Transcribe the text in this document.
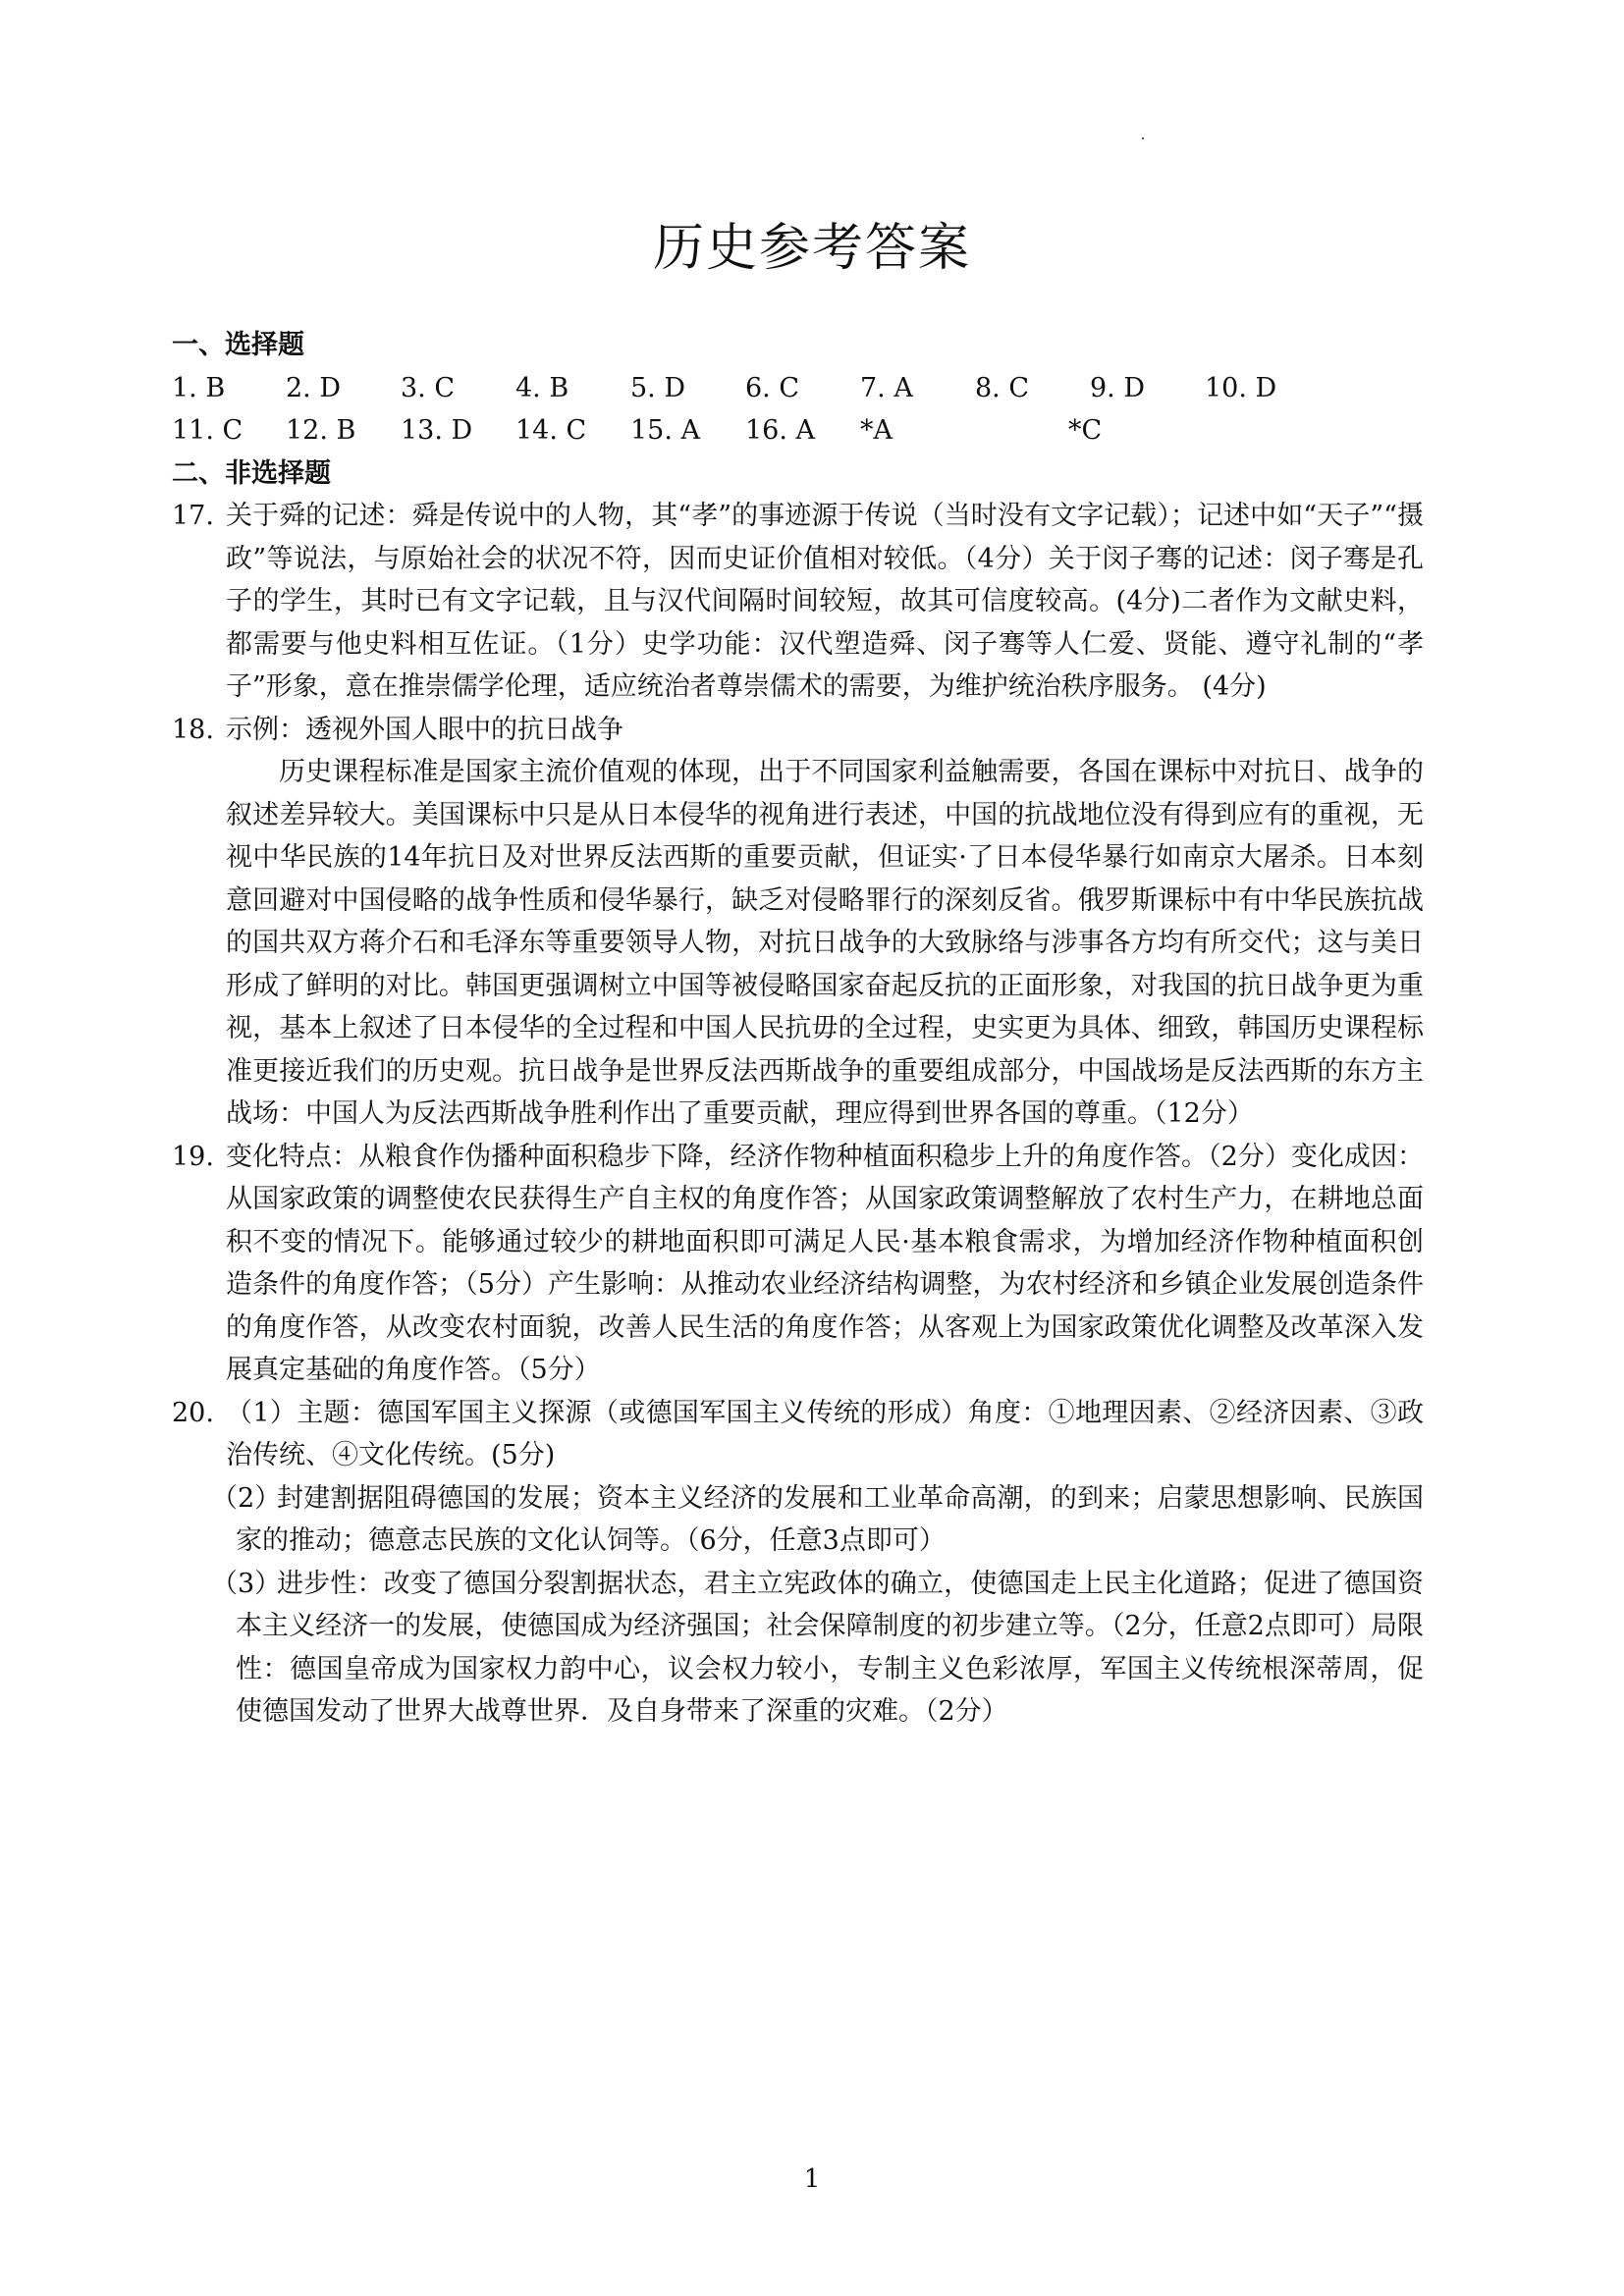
历史参考答案
一、选择题
1. B 2. D 3. C 4. B 5. D 6. C 7. A 8. C 9. D 10. D
11. C 12. B 13. D 14. C 15. A 16. A *A	*C
二、非选择题
17. 关于舜的记述：舜是传说中的人物，其“孝”的事迹源于传说（当时没有文字记载）；记述中如“天子”“摄政”等说法，与原始社会的状况不符，因而史证价值相对较低。（4分）关于闵子骞的记述：闵子骞是孔子的学生，其时已有文字记载，且与汉代间隔时间较短，故其可信度较高。(4分)二者作为文献史料，都需要与他史料相互佐证。（1分）史学功能：汉代塑造舜、闵子骞等人仁爱、贤能、遵守礼制的“孝子”形象，意在推崇儒学伦理，适应统治者尊崇儒术的需要，为维护统治秩序服务。 (4分)

18. 示例：透视外国人眼中的抗日战争

历史课程标准是国家主流价值观的体现，出于不同国家利益触需要，各国在课标中对抗日、战争的叙述差异较大。美国课标中只是从日本侵华的视角进行表述，中国的抗战地位没有得到应有的重视，无视中华民族的14年抗日及对世界反法西斯的重要贡献，但证实·了日本侵华暴行如南京大屠杀。日本刻意回避对中国侵略的战争性质和侵华暴行，缺乏对侵略罪行的深刻反省。俄罗斯课标中有中华民族抗战的国共双方蒋介石和毛泽东等重要领导人物，对抗日战争的大致脉络与涉事各方均有所交代；这与美日形成了鲜明的对比。韩国更强调树立中国等被侵略国家奋起反抗的正面形象，对我国的抗日战争更为重视，基本上叙述了日本侵华的全过程和中国人民抗毋的全过程，史实更为具体、细致，韩国历史课程标准更接近我们的历史观。抗日战争是世界反法西斯战争的重要组成部分，中国战场是反法西斯的东方主战场：中国人为反法西斯战争胜利作出了重要贡献，理应得到世界各国的尊重。（12分）

19. 变化特点：从粮食作伪播种面积稳步下降，经济作物种植面积稳步上升的角度作答。（2分）变化成因：从国家政策的调整使农民获得生产自主权的角度作答；从国家政策调整解放了农村生产力，在耕地总面积不变的情况下。能够通过较少的耕地面积即可满足人民·基本粮食需求，为增加经济作物种植面积创造条件的角度作答；（5分）产生影响：从推动农业经济结构调整，为农村经济和乡镇企业发展创造条件的角度作答，从改变农村面貌，改善人民生活的角度作答；从客观上为国家政策优化调整及改革深入发展真定基础的角度作答。（5分）

20. （1）主题：德国军国主义探源（或德国军国主义传统的形成）角度：①地理因素、②经济因素、③政治传统、④文化传统。(5分)

（2）

封建割据阻碍德国的发展；资本主义经济的发展和工业革命高潮，的到来；启蒙思想影响、民族国家的推动；德意志民族的文化认饲等。（6分，任意3点即可）

（3）

进步性：改变了德国分裂割据状态，君主立宪政体的确立，使德国走上民主化道路；促进了德国资本主义经济一的发展，使德国成为经济强国；社会保障制度的初步建立等。（2分，任意2点即可）局限性：德国皇帝成为国家权力韵中心，议会权力较小，专制主义色彩浓厚，军国主义传统根深蒂周，促使德国发动了世界大战尊世界．及自身带来了深重的灾难。（2分）

1
